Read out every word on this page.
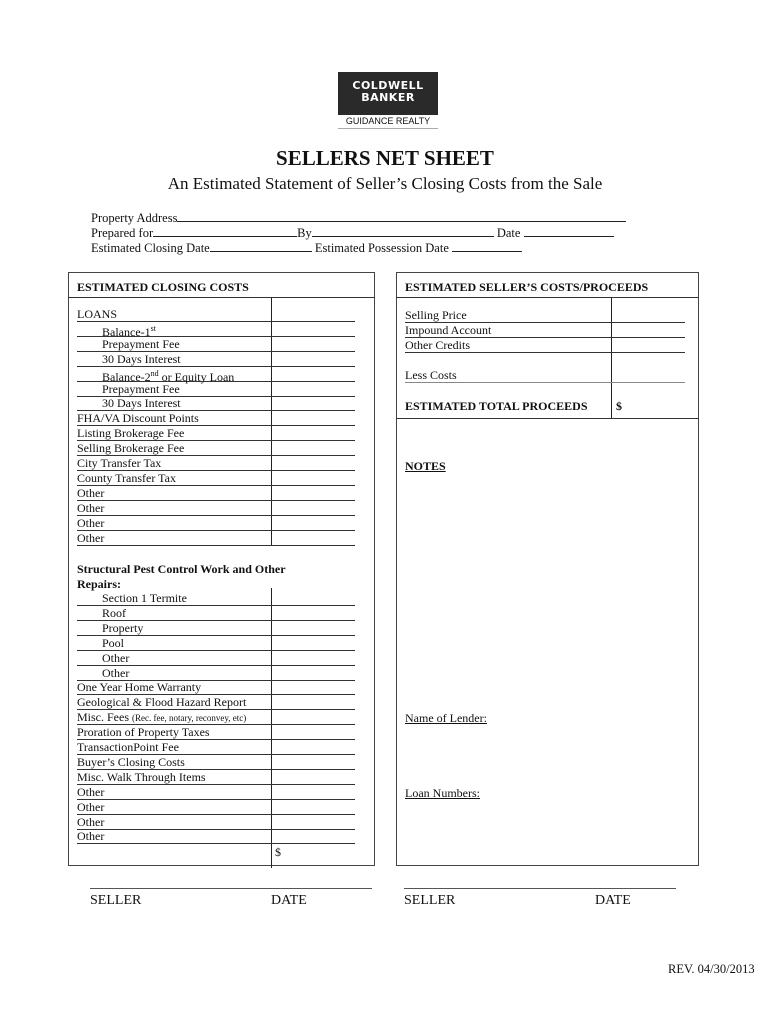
COLDWELL
BANKER
GUIDANCE REALTY
SELLERS NET SHEET
An Estimated Statement of Seller’s Closing Costs from the Sale
Property Address
Prepared for	By	Date
Estimated Closing Date	Estimated Possession Date
ESTIMATED CLOSING COSTS
LOANS
Balance-1st
Prepayment Fee
30 Days Interest
Balance-2nd or Equity Loan
Prepayment Fee
30 Days Interest
FHA/VA Discount Points
Listing Brokerage Fee
Selling Brokerage Fee
City Transfer Tax
County Transfer Tax
Other
Other
Other
Other
Section 1 Termite
Roof
Property
Pool
Other
Other
One Year Home Warranty
Geological & Flood Hazard Report
Misc. Fees (Rec. fee, notary, reconvey, etc)
Proration of Property Taxes
TransactionPoint Fee
Buyer’s Closing Costs
Misc. Walk Through Items
Other
Other
Other
Other
Structural Pest Control Work and Other
Repairs:
$
ESTIMATED SELLER’S COSTS/PROCEEDS
Selling Price
Impound Account
Other Credits
Less Costs
ESTIMATED TOTAL PROCEEDS $
NOTES
Name of Lender:
Loan Numbers:
SELLER	DATE	SELLER	DATE
REV. 04/30/2013
